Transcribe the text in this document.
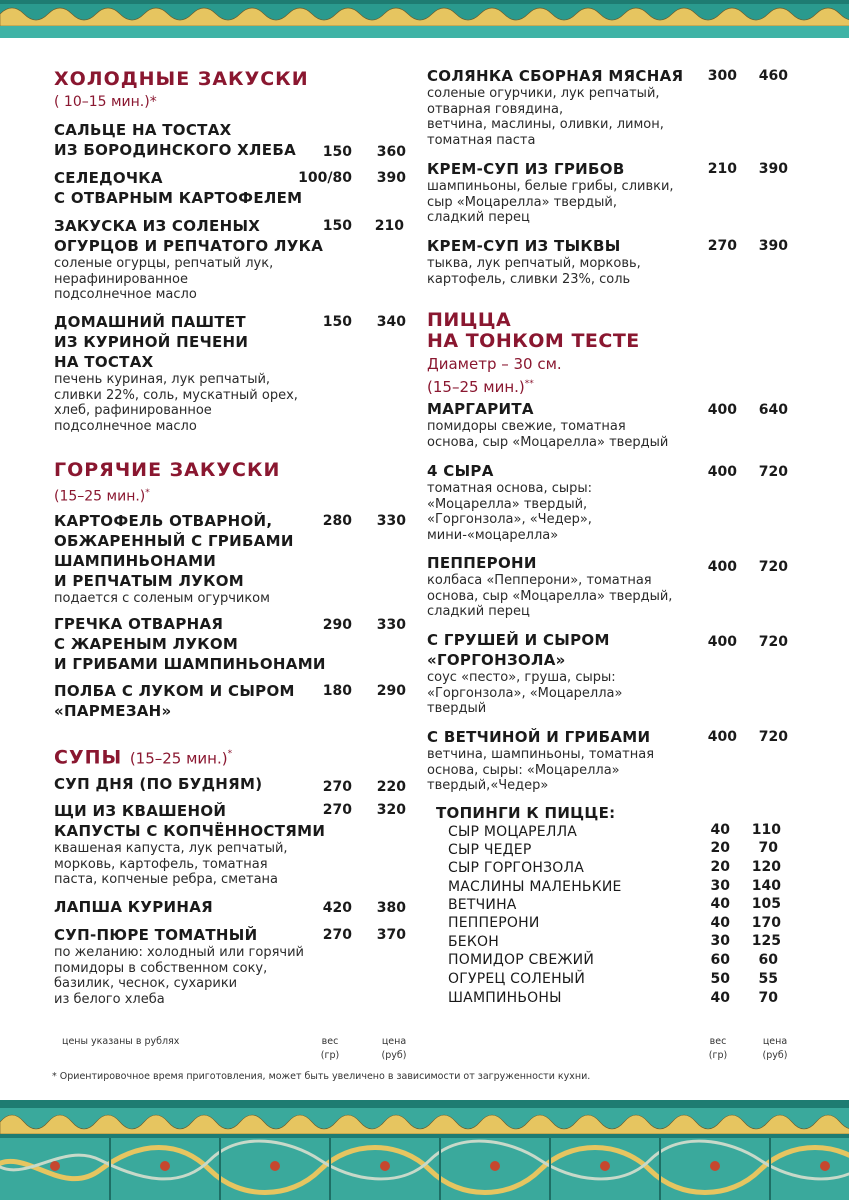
ХОЛОДНЫЕ ЗАКУСКИ
( 10–15 мин.)*
САЛЬЦЕ НА ТОСТАХ
ИЗ БОРОДИНСКОГО ХЛЕБА	150	360
СЕЛЕДОЧКА
С ОТВАРНЫМ КАРТОФЕЛЕМ
100/80	390
ЗАКУСКА ИЗ СОЛЕНЫХ
ОГУРЦОВ И РЕПЧАТОГО ЛУКА
соленые огурцы, репчатый лук,
нерафинированное
подсолнечное масло
150	210
ДОМАШНИЙ ПАШТЕТ
ИЗ КУРИНОЙ ПЕЧЕНИ
НА ТОСТАХ
печень куриная, лук репчатый,
сливки 22%, соль, мускатный орех,
хлеб, рафинированное
подсолнечное масло
150	340
ГОРЯЧИЕ ЗАКУСКИ
(15–25 мин.)*
КАРТОФЕЛЬ ОТВАРНОЙ,
ОБЖАРЕННЫЙ С ГРИБАМИ
ШАМПИНЬОНАМИ
И РЕПЧАТЫМ ЛУКОМ
подается с соленым огурчиком
280	330
ГРЕЧКА ОТВАРНАЯ
С ЖАРЕНЫМ ЛУКОМ
И ГРИБАМИ ШАМПИНЬОНАМИ
290	330
ПОЛБА С ЛУКОМ И СЫРОМ
«ПАРМЕЗАН»
180	290
СУПЫ (15–25 мин.)*
СУП ДНЯ (ПО БУДНЯМ)	270	220
ЩИ ИЗ КВАШЕНОЙ
КАПУСТЫ С КОПЧЁННОСТЯМИ
квашеная капуста, лук репчатый,
морковь, картофель, томатная
паста, копченые ребра, сметана
270	320
ЛАПША КУРИНАЯ	420	380
СУП-ПЮРЕ ТОМАТНЫЙ
по желанию: холодный или горячий
помидоры в собственном соку,
базилик, чеснок, сухарики
из белого хлеба
270	370
СОЛЯНКА СБОРНАЯ МЯСНАЯ
соленые огурчики, лук репчатый,
отварная говядина,
ветчина, маслины, оливки, лимон,
томатная паста
300	460
КРЕМ-СУП ИЗ ГРИБОВ
шампиньоны, белые грибы, сливки,
сыр «Моцарелла» твердый,
сладкий перец
210	390
КРЕМ-СУП ИЗ ТЫКВЫ
тыква, лук репчатый, морковь,
картофель, сливки 23%, соль
270	390
ПИЦЦА
НА ТОНКОМ ТЕСТЕ
Диаметр – 30 см.
(15–25 мин.)**
МАРГАРИТА
помидоры свежие, томатная
основа, сыр «Моцарелла» твердый
400	640
4 СЫРА
томатная основа, сыры:
«Моцарелла» твердый,
«Горгонзола», «Чедер»,
мини-«моцарелла»
400	720
ПЕППЕРОНИ
колбаса «Пепперони», томатная
основа, сыр «Моцарелла» твердый,
сладкий перец
400	720
С ГРУШЕЙ И СЫРОМ
«ГОРГОНЗОЛА»
соус «песто», груша, сыры:
«Горгонзола», «Моцарелла»
твердый
400	720
С ВЕТЧИНОЙ И ГРИБАМИ
ветчина, шампиньоны, томатная
основа, сыры: «Моцарелла»
твердый,«Чедер»
400	720
ТОПИНГИ К ПИЦЦЕ:
СЫР МОЦАРЕЛЛА	40	110
СЫР ЧЕДЕР	20	70
СЫР ГОРГОНЗОЛА	20	120
МАСЛИНЫ МАЛЕНЬКИЕ	30	140
ВЕТЧИНА	40	105
ПЕППЕРОНИ	40	170
БЕКОН	30	125
ПОМИДОР СВЕЖИЙ	60	60
ОГУРЕЦ СОЛЕНЫЙ	50	55
ШАМПИНЬОНЫ	40	70
цены указаны в рублях	вес
(гр)
цена
(руб)
вес
(гр)
цена
(руб)
* Ориентировочное время приготовления, может быть увеличено в зависимости от загруженности кухни.
